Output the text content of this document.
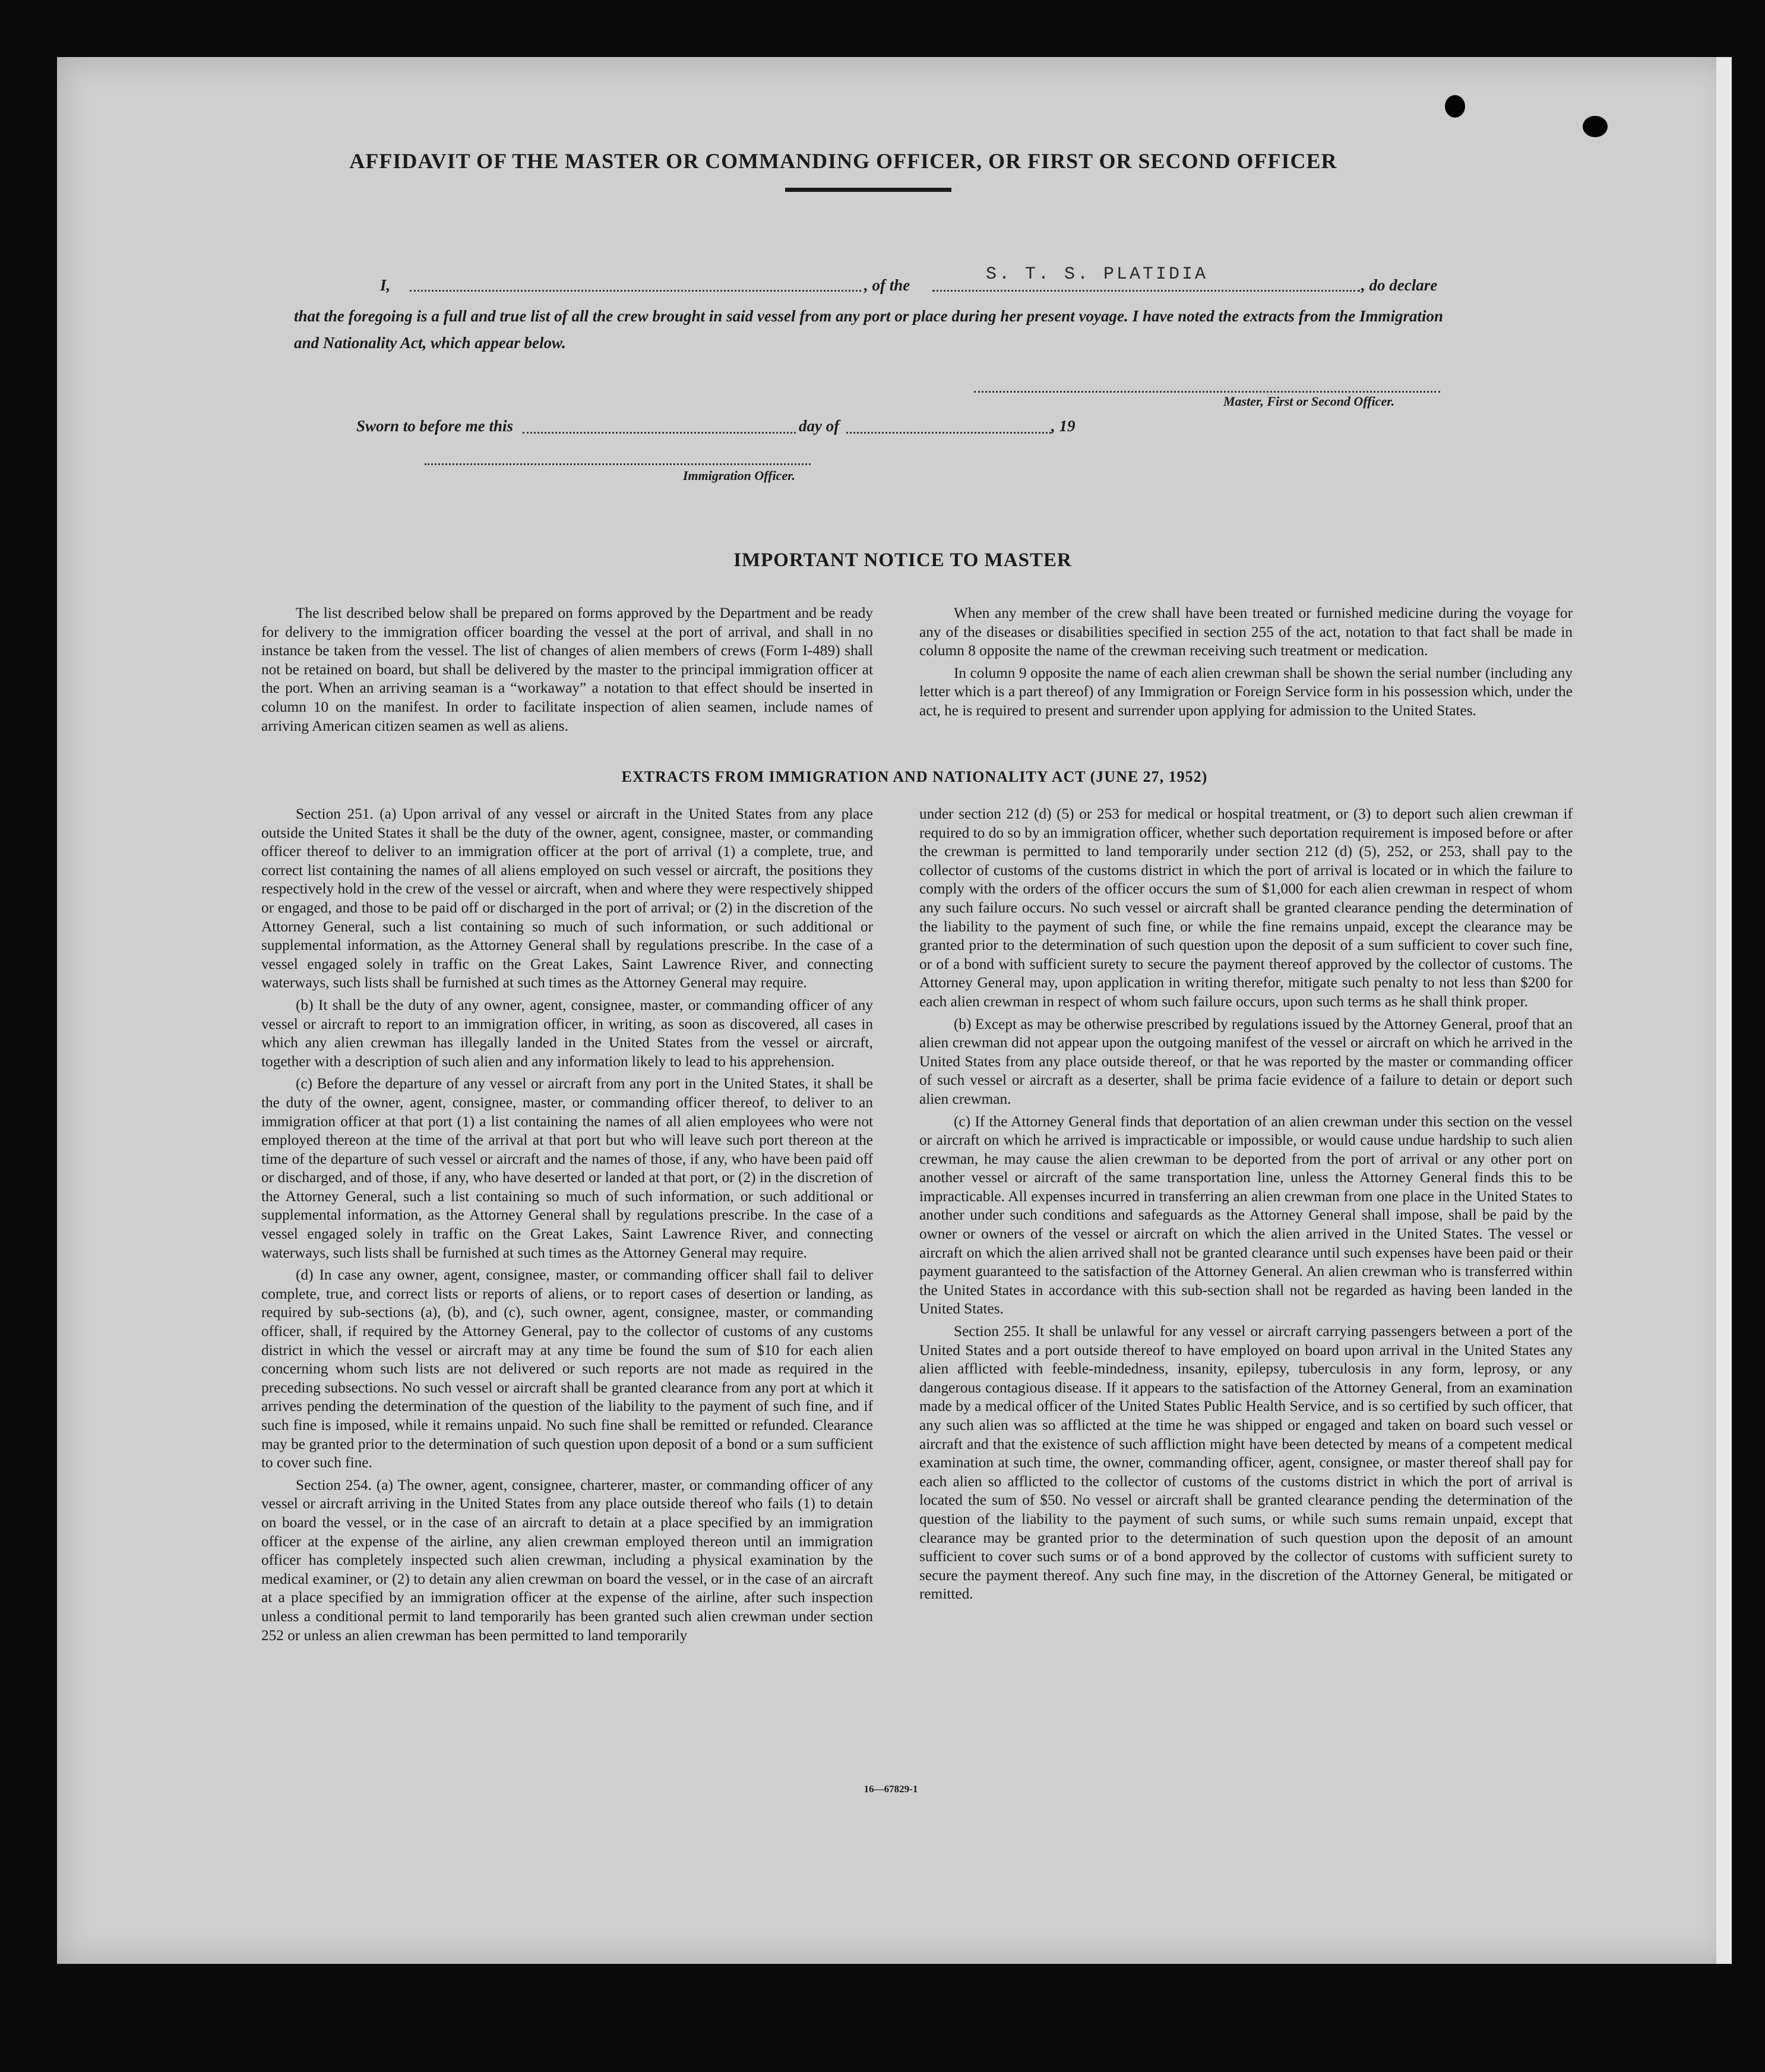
AFFIDAVIT OF THE MASTER OR COMMANDING OFFICER, OR FIRST OR SECOND OFFICER
I,	, of the
S. T. S. PLATIDIA
, do declare
that the foregoing is a full and true list of all the crew brought in said vessel from any port or place during her present voyage. I have noted the extracts from the Immigration and Nationality Act, which appear below.
Master, First or Second Officer.
Sworn to before me this	day of	, 19
Immigration Officer.
IMPORTANT NOTICE TO MASTER

The list described below shall be prepared on forms approved by the Department and be ready for delivery to the immigration officer boarding the vessel at the port of arrival, and shall in no instance be taken from the vessel. The list of changes of alien members of crews (Form I-489) shall not be retained on board, but shall be delivered by the master to the principal immigration officer at the port. When an arriving seaman is a “workaway” a notation to that effect should be inserted in column 10 on the manifest. In order to facilitate inspection of alien seamen, include names of arriving American citizen seamen as well as aliens.

When any member of the crew shall have been treated or furnished medicine during the voyage for any of the diseases or disabilities specified in section 255 of the act, notation to that fact shall be made in column 8 opposite the name of the crewman receiving such treatment or medication.

In column 9 opposite the name of each alien crewman shall be shown the serial number (including any letter which is a part thereof) of any Immigration or Foreign Service form in his possession which, under the act, he is required to present and surrender upon applying for admission to the United States.

EXTRACTS FROM IMMIGRATION AND NATIONALITY ACT (JUNE 27, 1952)

Section 251. (a) Upon arrival of any vessel or aircraft in the United States from any place outside the United States it shall be the duty of the owner, agent, consignee, master, or commanding officer thereof to deliver to an immigration officer at the port of arrival (1) a complete, true, and correct list containing the names of all aliens employed on such vessel or aircraft, the positions they respectively hold in the crew of the vessel or aircraft, when and where they were respectively shipped or engaged, and those to be paid off or discharged in the port of arrival; or (2) in the discretion of the Attorney General, such a list containing so much of such information, or such additional or supplemental information, as the Attorney General shall by regulations prescribe. In the case of a vessel engaged solely in traffic on the Great Lakes, Saint Lawrence River, and connecting waterways, such lists shall be furnished at such times as the Attorney General may require.

(b) It shall be the duty of any owner, agent, consignee, master, or commanding officer of any vessel or aircraft to report to an immigration officer, in writing, as soon as discovered, all cases in which any alien crewman has illegally landed in the United States from the vessel or aircraft, together with a description of such alien and any information likely to lead to his apprehension.

(c) Before the departure of any vessel or aircraft from any port in the United States, it shall be the duty of the owner, agent, consignee, master, or commanding officer thereof, to deliver to an immigration officer at that port (1) a list containing the names of all alien employees who were not employed thereon at the time of the arrival at that port but who will leave such port thereon at the time of the departure of such vessel or aircraft and the names of those, if any, who have been paid off or discharged, and of those, if any, who have deserted or landed at that port, or (2) in the discretion of the Attorney General, such a list containing so much of such information, or such additional or supplemental information, as the Attorney General shall by regulations prescribe. In the case of a vessel engaged solely in traffic on the Great Lakes, Saint Lawrence River, and connecting waterways, such lists shall be furnished at such times as the Attorney General may require.

(d) In case any owner, agent, consignee, master, or commanding officer shall fail to deliver complete, true, and correct lists or reports of aliens, or to report cases of desertion or landing, as required by sub-sections (a), (b), and (c), such owner, agent, consignee, master, or commanding officer, shall, if required by the Attorney General, pay to the collector of customs of any customs district in which the vessel or aircraft may at any time be found the sum of $10 for each alien concerning whom such lists are not delivered or such reports are not made as required in the preceding subsections. No such vessel or aircraft shall be granted clearance from any port at which it arrives pending the determination of the question of the liability to the payment of such fine, and if such fine is imposed, while it remains unpaid. No such fine shall be remitted or refunded. Clearance may be granted prior to the determination of such question upon deposit of a bond or a sum sufficient to cover such fine.

Section 254. (a) The owner, agent, consignee, charterer, master, or commanding officer of any vessel or aircraft arriving in the United States from any place outside thereof who fails (1) to detain on board the vessel, or in the case of an aircraft to detain at a place specified by an immigration officer at the expense of the airline, any alien crewman employed thereon until an immigration officer has completely inspected such alien crewman, including a physical examination by the medical examiner, or (2) to detain any alien crewman on board the vessel, or in the case of an aircraft at a place specified by an immigration officer at the expense of the airline, after such inspection unless a conditional permit to land temporarily has been granted such alien crewman under section 252 or unless an alien crewman has been permitted to land temporarily

under section 212 (d) (5) or 253 for medical or hospital treatment, or (3) to deport such alien crewman if required to do so by an immigration officer, whether such deportation requirement is imposed before or after the crewman is permitted to land temporarily under section 212 (d) (5), 252, or 253, shall pay to the collector of customs of the customs district in which the port of arrival is located or in which the failure to comply with the orders of the officer occurs the sum of $1,000 for each alien crewman in respect of whom any such failure occurs. No such vessel or aircraft shall be granted clearance pending the determination of the liability to the payment of such fine, or while the fine remains unpaid, except the clearance may be granted prior to the determination of such question upon the deposit of a sum sufficient to cover such fine, or of a bond with sufficient surety to secure the payment thereof approved by the collector of customs. The Attorney General may, upon application in writing therefor, mitigate such penalty to not less than $200 for each alien crewman in respect of whom such failure occurs, upon such terms as he shall think proper.

(b) Except as may be otherwise prescribed by regulations issued by the Attorney General, proof that an alien crewman did not appear upon the outgoing manifest of the vessel or aircraft on which he arrived in the United States from any place outside thereof, or that he was reported by the master or commanding officer of such vessel or aircraft as a deserter, shall be prima facie evidence of a failure to detain or deport such alien crewman.

(c) If the Attorney General finds that deportation of an alien crewman under this section on the vessel or aircraft on which he arrived is impracticable or impossible, or would cause undue hardship to such alien crewman, he may cause the alien crewman to be deported from the port of arrival or any other port on another vessel or aircraft of the same transportation line, unless the Attorney General finds this to be impracticable. All expenses incurred in transferring an alien crewman from one place in the United States to another under such conditions and safeguards as the Attorney General shall impose, shall be paid by the owner or owners of the vessel or aircraft on which the alien arrived in the United States. The vessel or aircraft on which the alien arrived shall not be granted clearance until such expenses have been paid or their payment guaranteed to the satisfaction of the Attorney General. An alien crewman who is transferred within the United States in accordance with this sub-section shall not be regarded as having been landed in the United States.

Section 255. It shall be unlawful for any vessel or aircraft carrying passengers between a port of the United States and a port outside thereof to have employed on board upon arrival in the United States any alien afflicted with feeble-mindedness, insanity, epilepsy, tuberculosis in any form, leprosy, or any dangerous contagious disease. If it appears to the satisfaction of the Attorney General, from an examination made by a medical officer of the United States Public Health Service, and is so certified by such officer, that any such alien was so afflicted at the time he was shipped or engaged and taken on board such vessel or aircraft and that the existence of such affliction might have been detected by means of a competent medical examination at such time, the owner, commanding officer, agent, consignee, or master thereof shall pay for each alien so afflicted to the collector of customs of the customs district in which the port of arrival is located the sum of $50. No vessel or aircraft shall be granted clearance pending the determination of the question of the liability to the payment of such sums, or while such sums remain unpaid, except that clearance may be granted prior to the determination of such question upon the deposit of an amount sufficient to cover such sums or of a bond approved by the collector of customs with sufficient surety to secure the payment thereof. Any such fine may, in the discretion of the Attorney General, be mitigated or remitted.

16—67829-1
